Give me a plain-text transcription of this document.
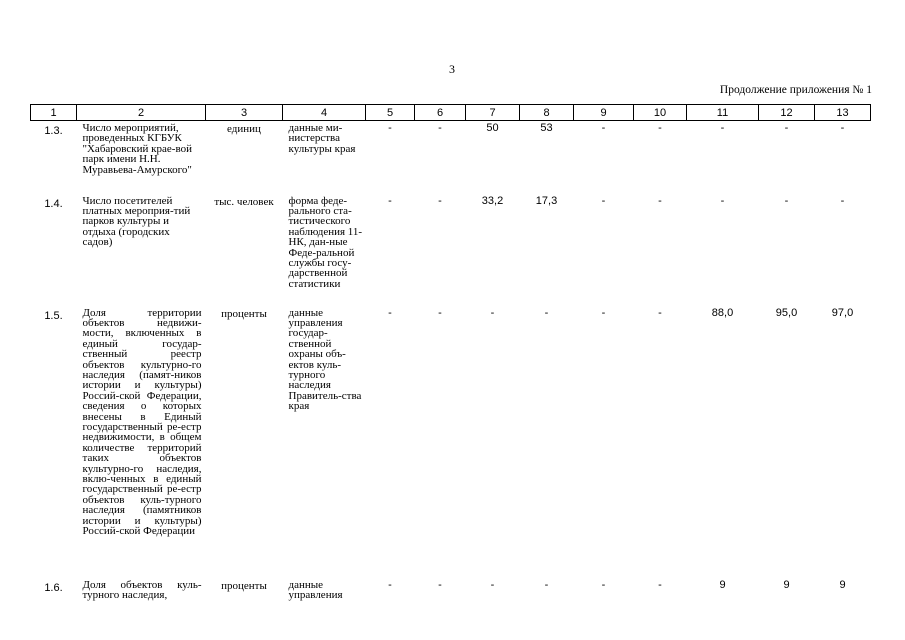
3
Продолжение приложения № 1
1	2	3	4	5	6	7	8	9	10	11	12	13
1.3.	Число мероприятий, проведенных КГБУК "Хабаровский крае-вой парк имени Н.Н. Муравьева-Амурского"	единиц	данные ми-нистерства культуры края	-	-	50	53	-	-	-	-	-
1.4.	Число посетителей платных мероприя-тий парков культуры и отдыха (городских садов)	тыс. человек	форма феде-рального ста-тистического наблюдения 11-НК, дан-ные Феде-ральной службы госу-дарственной статистики	-	-	33,2	17,3	-	-	-	-	-
1.5.	Доля территории объектов недвижи-мости, включенных в единый государ-ственный реестр объектов культурно-го наследия (памят-ников истории и культуры) Россий-ской Федерации, сведения о которых внесены в Единый государственный ре-естр недвижимости, в общем количестве территорий таких объектов культурно-го наследия, вклю-ченных в единый государственный ре-естр объектов куль-турного наследия (памятников истории и культуры) Россий-ской Федерации	проценты	данные управления государ-ственной охраны объ-ектов куль-турного наследия Правитель-ства края	-	-	-	-	-	-	88,0	95,0	97,0
1.6.	Доля объектов куль-турного наследия,	проценты	данные управления	-	-	-	-	-	-	9	9	9
